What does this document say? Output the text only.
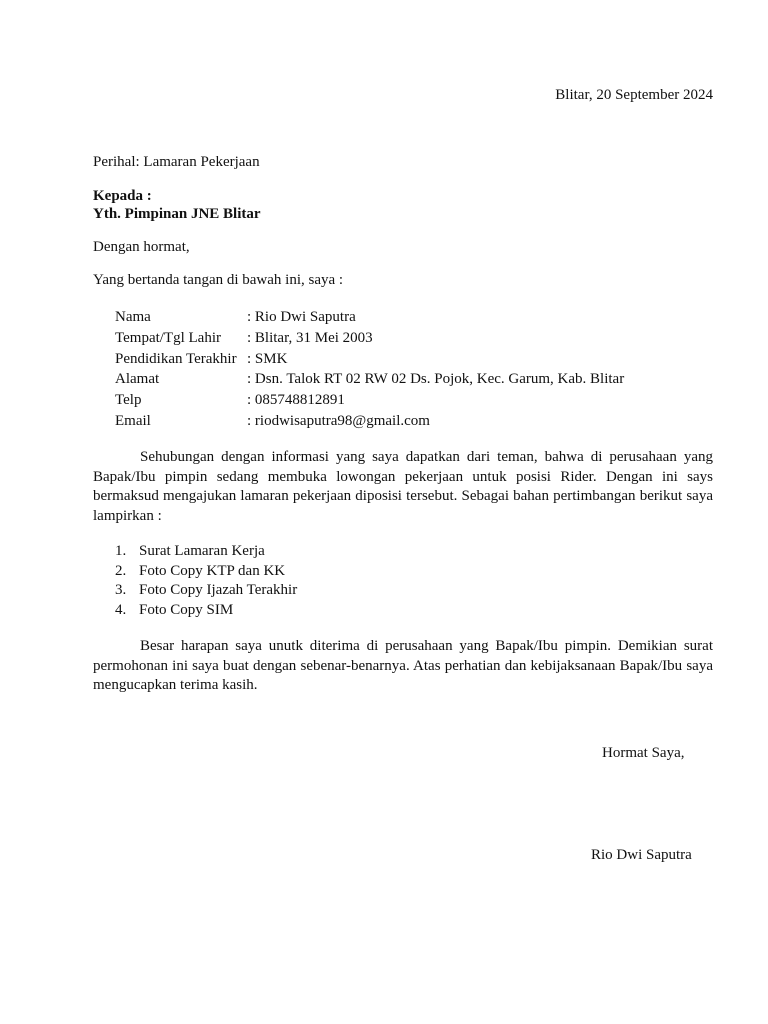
Blitar, 20 September 2024
Perihal: Lamaran Pekerjaan
Kepada :
Yth. Pimpinan JNE Blitar
Dengan hormat,
Yang bertanda tangan di bawah ini, saya :
Nama	: Rio Dwi Saputra
Tempat/Tgl Lahir	: Blitar, 31 Mei 2003
Pendidikan Terakhir : SMK
Alamat	: Dsn. Talok RT 02 RW 02 Ds. Pojok, Kec. Garum, Kab. Blitar
Telp	: 085748812891
Email	: riodwisaputra98@gmail.com

Sehubungan dengan informasi yang saya dapatkan dari teman, bahwa di perusahaan yang Bapak/Ibu pimpin sedang membuka lowongan pekerjaan untuk posisi Rider. Dengan ini says bermaksud mengajukan lamaran pekerjaan diposisi tersebut. Sebagai bahan pertimbangan berikut saya lampirkan :

1. Surat Lamaran Kerja
2. Foto Copy KTP dan KK
3. Foto Copy Ijazah Terakhir
4. Foto Copy SIM

Besar harapan saya unutk diterima di perusahaan yang Bapak/Ibu pimpin. Demikian surat permohonan ini saya buat dengan sebenar-benarnya. Atas perhatian dan kebijaksanaan Bapak/Ibu saya mengucapkan terima kasih.

Hormat Saya,
Rio Dwi Saputra
